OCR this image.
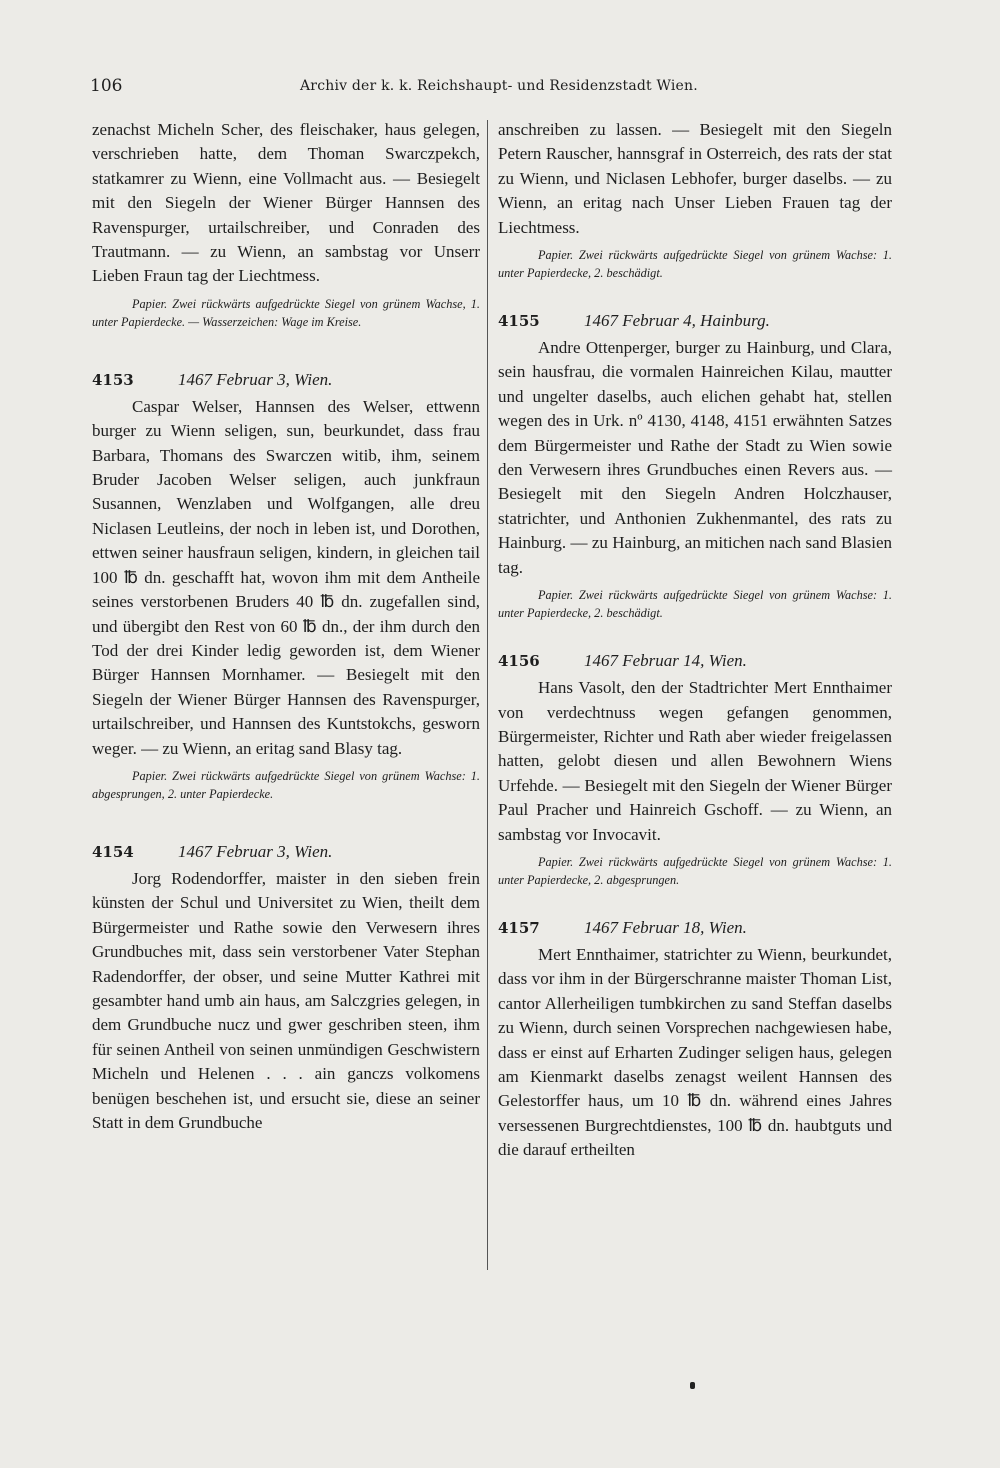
106	Archiv der k. k. Reichshaupt- und Residenzstadt Wien.

zenachst Micheln Scher, des fleischaker, haus gelegen, verschrieben hatte, dem Thoman Swarczpekch, statkamrer zu Wienn, eine Vollmacht aus. — Besiegelt mit den Siegeln der Wiener Bürger Hannsen des Ravenspurger, urtailschreiber, und Conraden des Trautmann. — zu Wienn, an sambstag vor Unserr Lieben Fraun tag der Liechtmess.

Papier. Zwei rückwärts aufgedrückte Siegel von grünem Wachse, 1. unter Papierdecke. — Wasserzeichen: Wage im Kreise.

4153	1467 Februar 3, Wien.

Caspar Welser, Hannsen des Welser, ettwenn burger zu Wienn seligen, sun, beurkundet, dass frau Barbara, Thomans des Swarczen witib, ihm, seinem Bruder Jacoben Welser seligen, auch junkfraun Susannen, Wenzlaben und Wolfgangen, alle dreu Niclasen Leutleins, der noch in leben ist, und Dorothen, ettwen seiner hausfraun seligen, kindern, in gleichen tail 100 ℔ dn. geschafft hat, wovon ihm mit dem Antheile seines verstorbenen Bruders 40 ℔ dn. zugefallen sind, und übergibt den Rest von 60 ℔ dn., der ihm durch den Tod der drei Kinder ledig geworden ist, dem Wiener Bürger Hannsen Mornhamer. — Besiegelt mit den Siegeln der Wiener Bürger Hannsen des Ravenspurger, urtailschreiber, und Hannsen des Kuntstokchs, gesworn weger. — zu Wienn, an eritag sand Blasy tag.

Papier. Zwei rückwärts aufgedrückte Siegel von grünem Wachse: 1. abgesprungen, 2. unter Papierdecke.

4154	1467 Februar 3, Wien.

Jorg Rodendorffer, maister in den sieben frein künsten der Schul und Universitet zu Wien, theilt dem Bürgermeister und Rathe sowie den Verwesern ihres Grundbuches mit, dass sein verstorbener Vater Stephan Radendorffer, der obser, und seine Mutter Kathrei mit gesambter hand umb ain haus, am Salczgries gelegen, in dem Grundbuche nucz und gwer geschriben steen, ihm für seinen Antheil von seinen unmündigen Geschwistern Micheln und Helenen . . . ain ganczs volkomens benügen beschehen ist, und ersucht sie, diese an seiner Statt in dem Grundbuche

anschreiben zu lassen. — Besiegelt mit den Siegeln Petern Rauscher, hannsgraf in Osterreich, des rats der stat zu Wienn, und Niclasen Lebhofer, burger daselbs. — zu Wienn, an eritag nach Unser Lieben Frauen tag der Liechtmess.

Papier. Zwei rückwärts aufgedrückte Siegel von grünem Wachse: 1. unter Papierdecke, 2. beschädigt.

4155	1467 Februar 4, Hainburg.

Andre Ottenperger, burger zu Hainburg, und Clara, sein hausfrau, die vormalen Hainreichen Kilau, mautter und ungelter daselbs, auch elichen gehabt hat, stellen wegen des in Urk. nº 4130, 4148, 4151 erwähnten Satzes dem Bürgermeister und Rathe der Stadt zu Wien sowie den Verwesern ihres Grundbuches einen Revers aus. — Besiegelt mit den Siegeln Andren Holczhauser, statrichter, und Anthonien Zukhenmantel, des rats zu Hainburg. — zu Hainburg, an mitichen nach sand Blasien tag.

Papier. Zwei rückwärts aufgedrückte Siegel von grünem Wachse: 1. unter Papierdecke, 2. beschädigt.

4156	1467 Februar 14, Wien.

Hans Vasolt, den der Stadtrichter Mert Ennthaimer von verdechtnuss wegen gefangen genommen, Bürgermeister, Richter und Rath aber wieder freigelassen hatten, gelobt diesen und allen Bewohnern Wiens Urfehde. — Besiegelt mit den Siegeln der Wiener Bürger Paul Pracher und Hainreich Gschoff. — zu Wienn, an sambstag vor Invocavit.

Papier. Zwei rückwärts aufgedrückte Siegel von grünem Wachse: 1. unter Papierdecke, 2. abgesprungen.

4157	1467 Februar 18, Wien.

Mert Ennthaimer, statrichter zu Wienn, beurkundet, dass vor ihm in der Bürgerschranne maister Thoman List, cantor Allerheiligen tumbkirchen zu sand Steffan daselbs zu Wienn, durch seinen Vorsprechen nachgewiesen habe, dass er einst auf Erharten Zudinger seligen haus, gelegen am Kienmarkt daselbs zenagst weilent Hannsen des Gelestorffer haus, um 10 ℔ dn. während eines Jahres versessenen Burgrechtdienstes, 100 ℔ dn. haubtguts und die darauf ertheilten
